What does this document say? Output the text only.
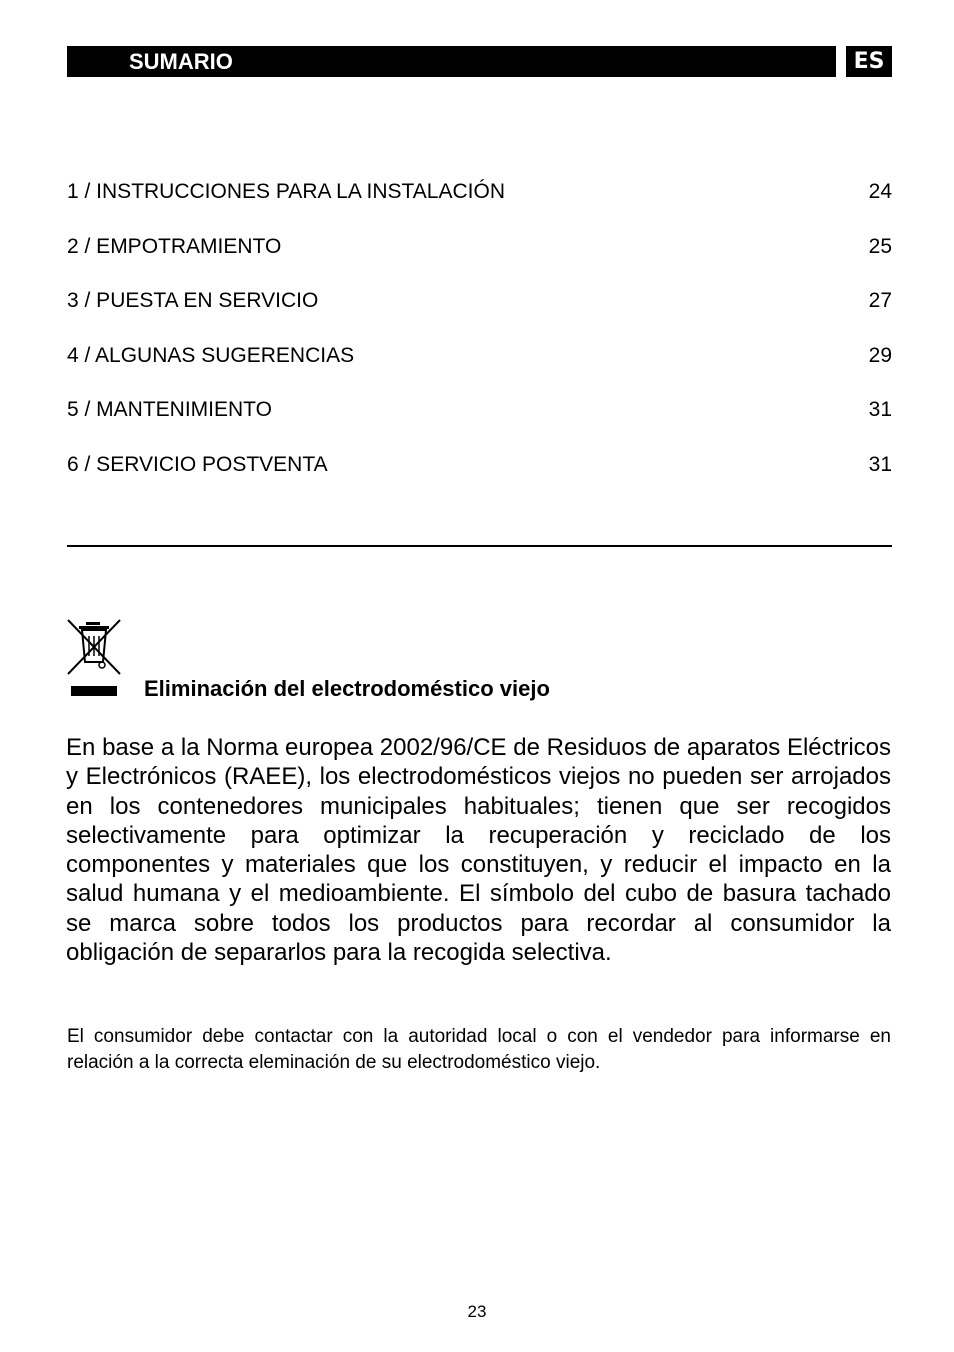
SUMARIO	ES
1 / INSTRUCCIONES PARA LA INSTALACIÓN	24
2 / EMPOTRAMIENTO	25
3 / PUESTA EN SERVICIO	27
4 / ALGUNAS SUGERENCIAS	29
5 / MANTENIMIENTO	31
6 / SERVICIO POSTVENTA	31
Eliminación del electrodoméstico viejo

En base a la Norma europea 2002/96/CE de Residuos de aparatos Eléctricos y Electrónicos (RAEE), los electrodomésticos viejos no pueden ser arrojados en los contenedores municipales habituales; tienen que ser recogidos selectivamente para optimizar la recuperación y reciclado de los componentes y materiales que los constituyen, y reducir el impacto en la salud humana y el medioambiente. El símbolo del cubo de basura tachado se marca sobre todos los productos para recordar al consumidor la obligación de separarlos para la recogida selectiva.

El consumidor debe contactar con la autoridad local o con el vendedor para informarse en relación a la correcta eleminación de su electrodoméstico viejo.

23
